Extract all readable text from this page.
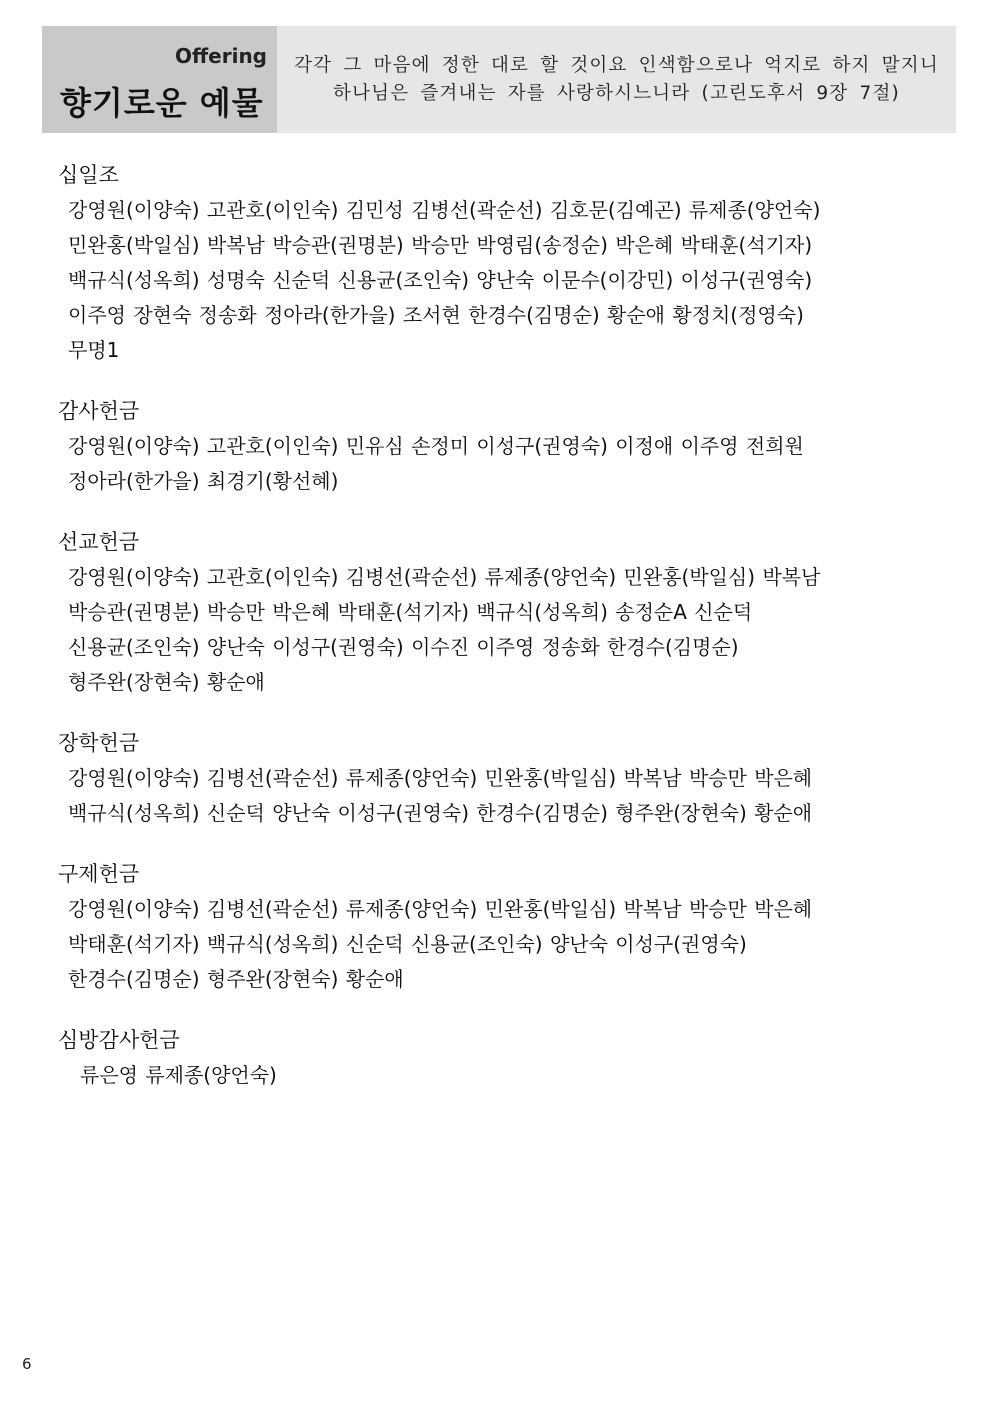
Offering
향기로운 예물
각각 그 마음에 정한 대로 할 것이요 인색함으로나 억지로 하지 말지니
하나님은 즐겨내는 자를 사랑하시느니라 (고린도후서 9장 7절)
십일조
강영원(이양숙) 고관호(이인숙) 김민성 김병선(곽순선) 김호문(김예곤) 류제종(양언숙)
민완홍(박일심) 박복남 박승관(권명분) 박승만 박영림(송정순) 박은혜 박태훈(석기자)
백규식(성옥희) 성명숙 신순덕 신용균(조인숙) 양난숙 이문수(이강민) 이성구(권영숙)
이주영 장현숙 정송화 정아라(한가을) 조서현 한경수(김명순) 황순애 황정치(정영숙)
무명1
감사헌금
강영원(이양숙) 고관호(이인숙) 민유심 손정미 이성구(권영숙) 이정애 이주영 전희원
정아라(한가을) 최경기(황선혜)
선교헌금
강영원(이양숙) 고관호(이인숙) 김병선(곽순선) 류제종(양언숙) 민완홍(박일심) 박복남
박승관(권명분) 박승만 박은혜 박태훈(석기자) 백규식(성옥희) 송정순A 신순덕
신용균(조인숙) 양난숙 이성구(권영숙) 이수진 이주영 정송화 한경수(김명순)
형주완(장현숙) 황순애
장학헌금
강영원(이양숙) 김병선(곽순선) 류제종(양언숙) 민완홍(박일심) 박복남 박승만 박은혜
백규식(성옥희) 신순덕 양난숙 이성구(권영숙) 한경수(김명순) 형주완(장현숙) 황순애
구제헌금
강영원(이양숙) 김병선(곽순선) 류제종(양언숙) 민완홍(박일심) 박복남 박승만 박은혜
박태훈(석기자) 백규식(성옥희) 신순덕 신용균(조인숙) 양난숙 이성구(권영숙)
한경수(김명순) 형주완(장현숙) 황순애
심방감사헌금
류은영 류제종(양언숙)
6
